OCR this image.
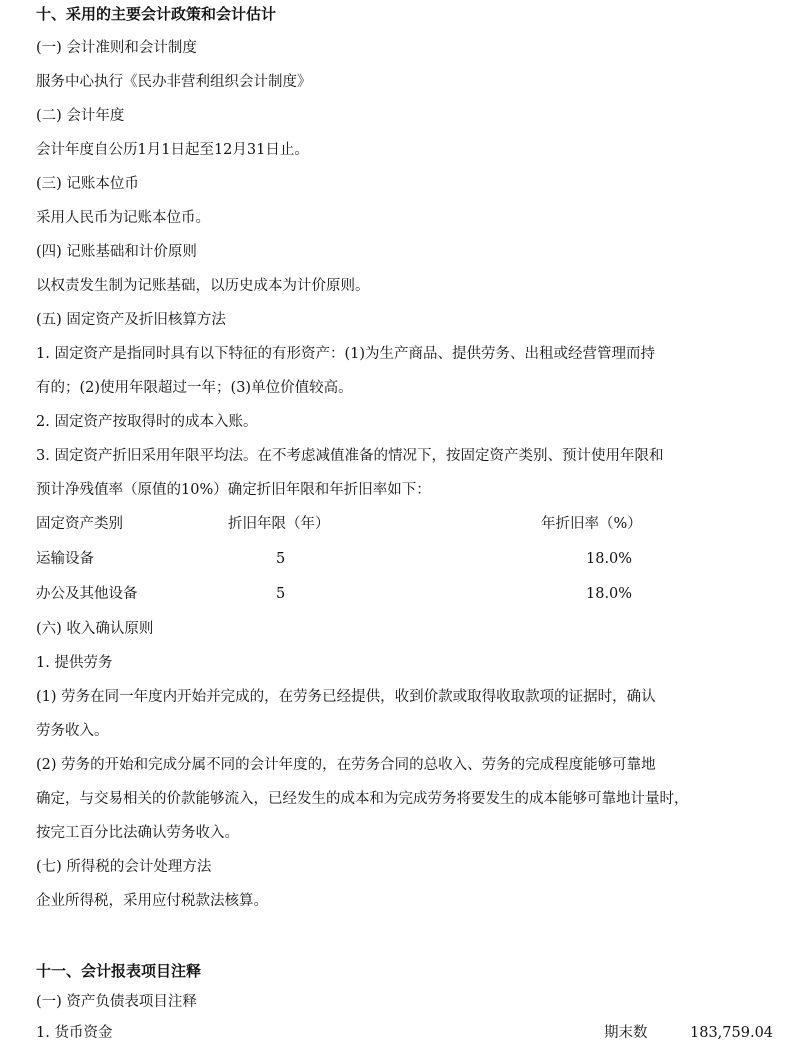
十、采用的主要会计政策和会计估计
(一) 会计准则和会计制度
服务中心执行《民办非营利组织会计制度》
(二) 会计年度
会计年度自公历1月1日起至12月31日止。
(三) 记账本位币
采用人民币为记账本位币。
(四) 记账基础和计价原则
以权责发生制为记账基础，以历史成本为计价原则。
(五) 固定资产及折旧核算方法
1. 固定资产是指同时具有以下特征的有形资产：(1)为生产商品、提供劳务、出租或经营管理而持
有的；(2)使用年限超过一年；(3)单位价值较高。
2. 固定资产按取得时的成本入账。
3. 固定资产折旧采用年限平均法。在不考虑减值准备的情况下，按固定资产类别、预计使用年限和
预计净残值率（原值的10%）确定折旧年限和年折旧率如下：
固定资产类别	折旧年限（年）	年折旧率（%）
运输设备	5	18.0%
办公及其他设备	5	18.0%
(六) 收入确认原则
1. 提供劳务
(1) 劳务在同一年度内开始并完成的，在劳务已经提供，收到价款或取得收取款项的证据时，确认
劳务收入。
(2) 劳务的开始和完成分属不同的会计年度的，在劳务合同的总收入、劳务的完成程度能够可靠地
确定，与交易相关的价款能够流入，已经发生的成本和为完成劳务将要发生的成本能够可靠地计量时，
按完工百分比法确认劳务收入。
(七) 所得税的会计处理方法
企业所得税，采用应付税款法核算。
十一、会计报表项目注释
(一) 资产负债表项目注释
1. 货币资金	期末数	183,759.04
